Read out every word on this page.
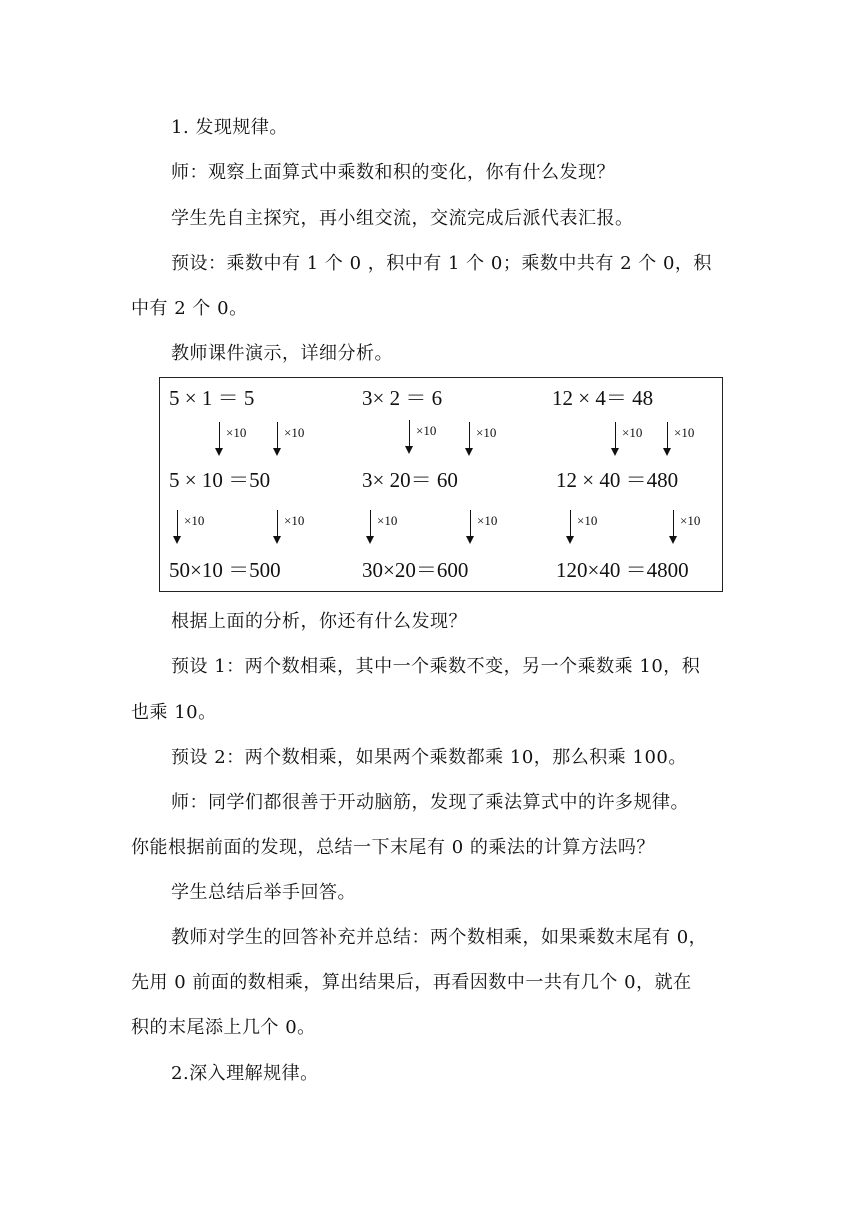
1. 发现规律。
师：观察上面算式中乘数和积的变化，你有什么发现？
学生先自主探究，再小组交流，交流完成后派代表汇报。
预设：乘数中有 1 个 0 ，积中有 1 个 0；乘数中共有 2 个 0，积
中有 2 个 0。
教师课件演示，详细分析。
5 × 1 ＝ 5	3× 2 ＝ 6	12 × 4＝ 48
×10	×10	×10	×10	×10 ×10
5 × 10 ＝50	3× 20＝ 60	12 × 40 ＝480
×10	×10	×10	×10	×10	×10
50×10 ＝500	30×20＝600	120×40 ＝4800
根据上面的分析，你还有什么发现？
预设 1：两个数相乘，其中一个乘数不变，另一个乘数乘 10，积
也乘 10。
预设 2：两个数相乘，如果两个乘数都乘 10，那么积乘 100。
师：同学们都很善于开动脑筋，发现了乘法算式中的许多规律。
你能根据前面的发现，总结一下末尾有 0 的乘法的计算方法吗？
学生总结后举手回答。
教师对学生的回答补充并总结：两个数相乘，如果乘数末尾有 0，
先用 0 前面的数相乘，算出结果后，再看因数中一共有几个 0，就在
积的末尾添上几个 0。
2.深入理解规律。
